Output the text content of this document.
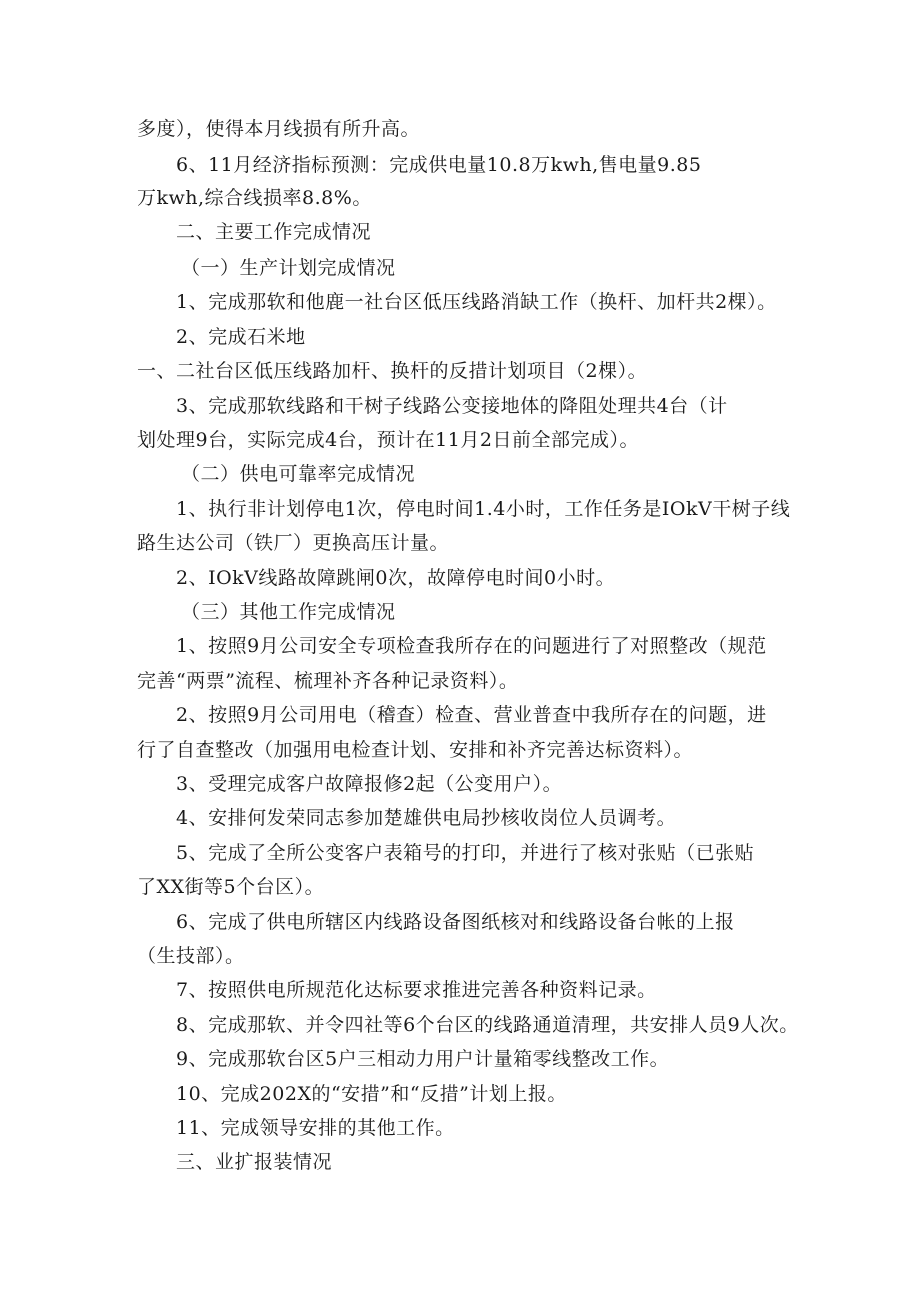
多度），使得本月线损有所升高。
6、11月经济指标预测：完成供电量10.8万kwh,售电量9.85
万kwh,综合线损率8.8%。
二、主要工作完成情况
（一）生产计划完成情况
1、完成那软和他鹿一社台区低压线路消缺工作（换杆、加杆共2棵）。
2、完成石米地
一、二社台区低压线路加杆、换杆的反措计划项目（2棵）。
3、完成那软线路和干树子线路公变接地体的降阻处理共4台（计
划处理9台，实际完成4台，预计在11月2日前全部完成）。
（二）供电可靠率完成情况
1、执行非计划停电1次，停电时间1.4小时，工作任务是IOkV干树子线
路生达公司（铁厂）更换高压计量。
2、IOkV线路故障跳闸0次，故障停电时间0小时。
（三）其他工作完成情况
1、按照9月公司安全专项检查我所存在的问题进行了对照整改（规范
完善“两票”流程、梳理补齐各种记录资料）。
2、按照9月公司用电（稽查）检查、营业普查中我所存在的问题，进
行了自查整改（加强用电检查计划、安排和补齐完善达标资料）。
3、受理完成客户故障报修2起（公变用户）。
4、安排何发荣同志参加楚雄供电局抄核收岗位人员调考。
5、完成了全所公变客户表箱号的打印，并进行了核对张贴（已张贴
了XX街等5个台区）。
6、完成了供电所辖区内线路设备图纸核对和线路设备台帐的上报
（生技部）。
7、按照供电所规范化达标要求推进完善各种资料记录。
8、完成那软、并令四社等6个台区的线路通道清理，共安排人员9人次。
9、完成那软台区5户三相动力用户计量箱零线整改工作。
10、完成202X的“安措”和“反措”计划上报。
11、完成领导安排的其他工作。
三、业扩报装情况
